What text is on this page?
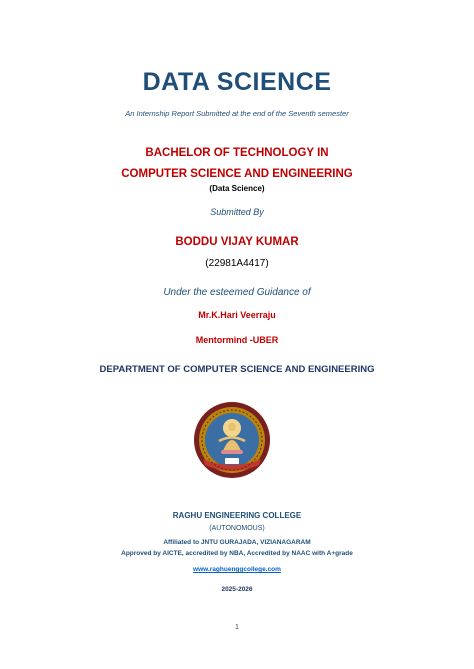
DATA SCIENCE
An Internship Report Submitted at the end of the Seventh semester
BACHELOR OF TECHNOLOGY IN
COMPUTER SCIENCE AND ENGINEERING
(Data Science)
Submitted By
BODDU VIJAY KUMAR
(22981A4417)
Under the esteemed Guidance of
Mr.K.Hari Veerraju
Mentormind -UBER
DEPARTMENT OF COMPUTER SCIENCE AND ENGINEERING
RAGHU ENGINEERING COLLEGE
(AUTONOMOUS)
Affiliated to JNTU GURAJADA, VIZIANAGARAM
Approved by AICTE, accredited by NBA, Accredited by NAAC with A+grade
www.raghuenggcollege.com
2025-2026
1
